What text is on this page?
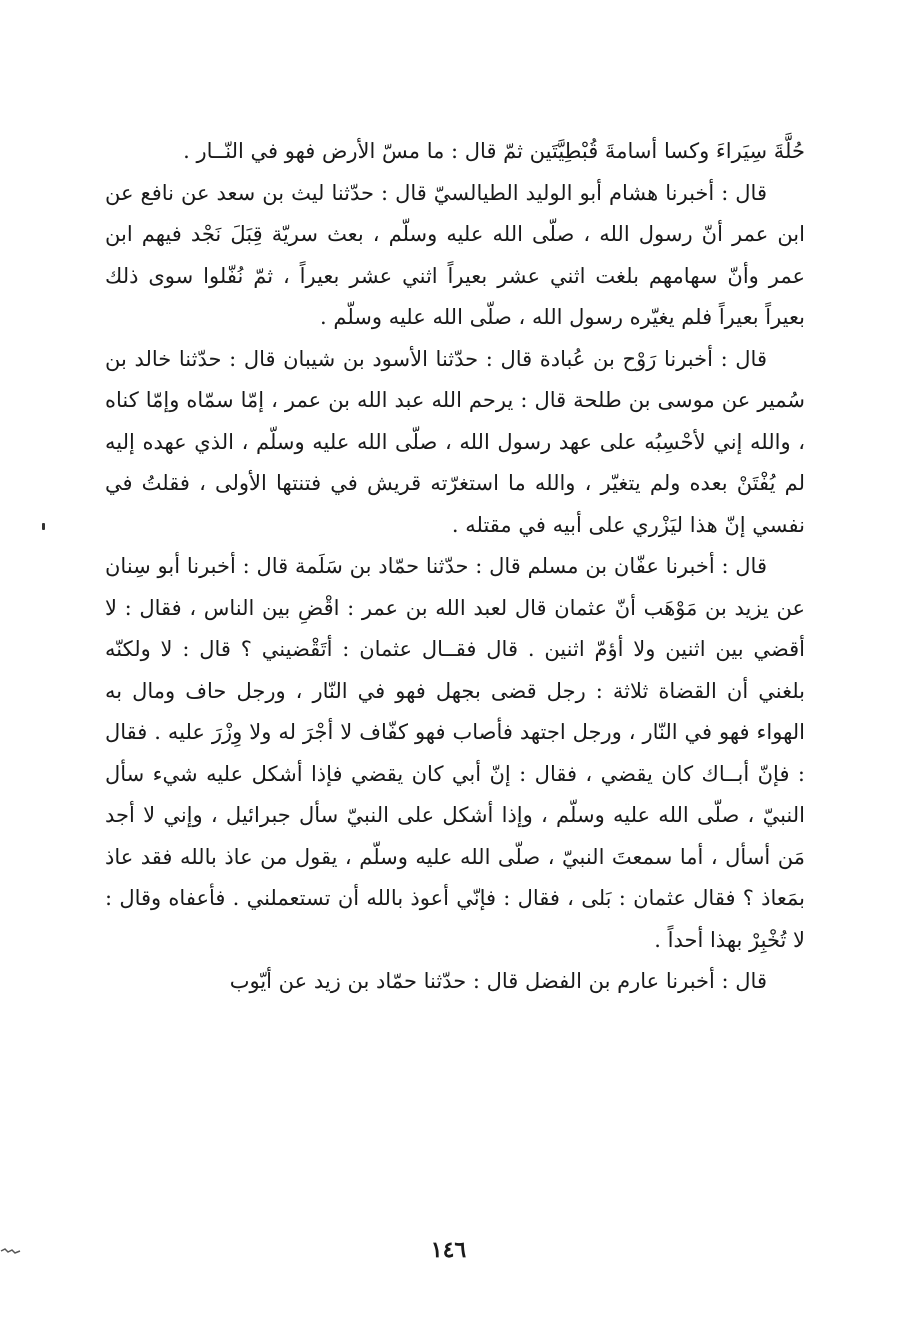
حُلَّةَ سِيَراءَ وكسا أسامةَ قُبْطِيَّتَين ثمّ قال : ما مسّ الأرض فهو في النّــار .

قال : أخبرنا هشام أبو الوليد الطيالسيّ قال : حدّثنا ليث بن سعد عن نافع عن ابن عمر أنّ رسول الله ، صلّى الله عليه وسلّم ، بعث سريّة قِبَلَ نَجْد فيهم ابن عمر وأنّ سهامهم بلغت اثني عشر بعيراً اثني عشر بعيراً ، ثمّ نُفّلوا سوى ذلك بعيراً بعيراً فلم يغيّره رسول الله ، صلّى الله عليه وسلّم .

قال : أخبرنا رَوْح بن عُبادة قال : حدّثنا الأسود بن شيبان قال : حدّثنا خالد بن سُمير عن موسى بن طلحة قال : يرحم الله عبد الله بن عمر ، إمّا سمّاه وإمّا كناه ، والله إني لأحْسِبُه على عهد رسول الله ، صلّى الله عليه وسلّم ، الذي عهده إليه لم يُفْتَنْ بعده ولم يتغيّر ، والله ما استغرّته قريش في فتنتها الأولى ، فقلتُ في نفسي إنّ هذا ليَزْري على أبيه في مقتله .

قال : أخبرنا عفّان بن مسلم قال : حدّثنا حمّاد بن سَلَمة قال : أخبرنا أبو سِنان عن يزيد بن مَوْهَب أنّ عثمان قال لعبد الله بن عمر : اقْضِ بين الناس ، فقال : لا أقضي بين اثنين ولا أؤمّ اثنين . قال فقــال عثمان : أتَقْضيني ؟ قال : لا ولكنّه بلغني أن القضاة ثلاثة : رجل قضى بجهل فهو في النّار ، ورجل حاف ومال به الهواء فهو في النّار ، ورجل اجتهد فأصاب فهو كفّاف لا أجْرَ له ولا وِزْرَ عليه . فقال : فإنّ أبــاك كان يقضي ، فقال : إنّ أبي كان يقضي فإذا أشكل عليه شيء سأل النبيّ ، صلّى الله عليه وسلّم ، وإذا أشكل على النبيّ سأل جبرائيل ، وإني لا أجد مَن أسأل ، أما سمعتَ النبيّ ، صلّى الله عليه وسلّم ، يقول من عاذ بالله فقد عاذ بمَعاذ ؟ فقال عثمان : بَلى ، فقال : فإنّي أعوذ بالله أن تستعملني . فأعفاه وقال : لا تُخْبِرْ بهذا أحداً .

قال : أخبرنا عارم بن الفضل قال : حدّثنا حمّاد بن زيد عن أيّوب

١٤٦
